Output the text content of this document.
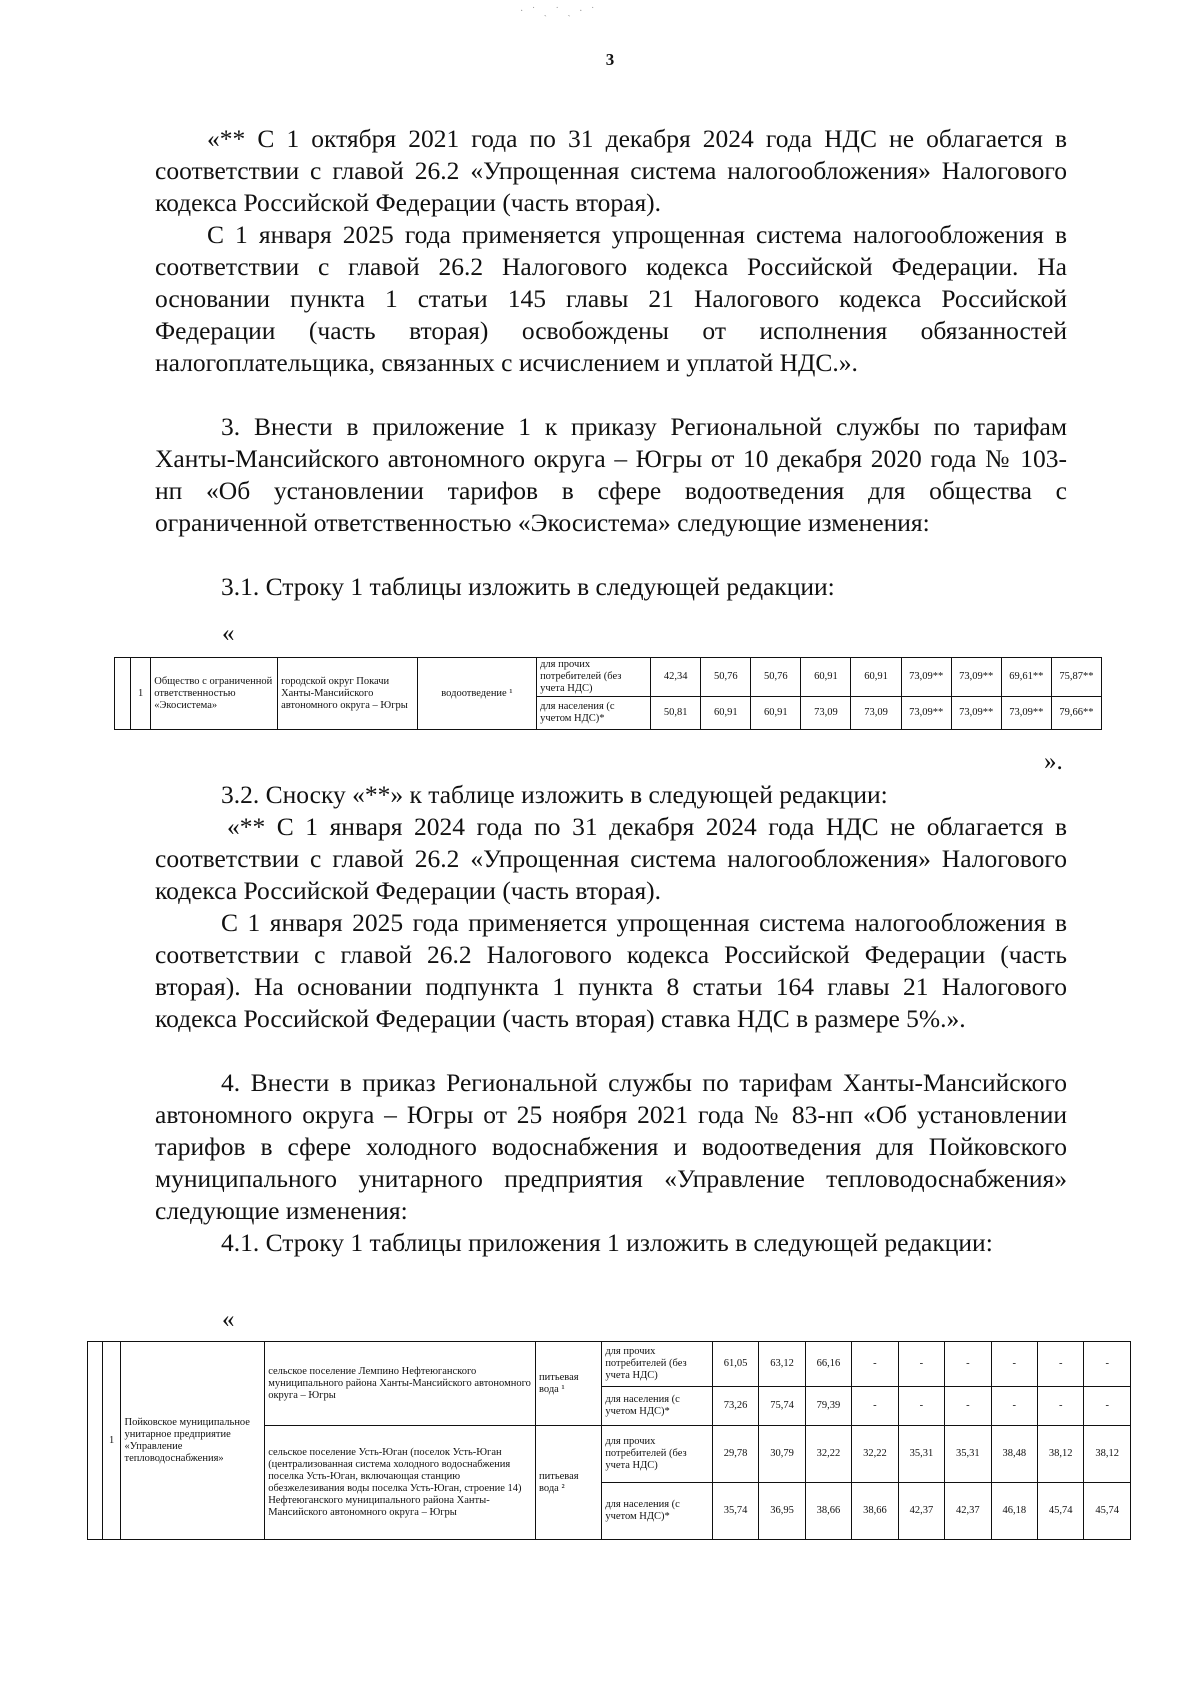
· ˙ ˏ ˙ ˏ · ˙
3

«** С 1 октября 2021 года по 31 декабря 2024 года НДС не облагается в соответствии с главой 26.2 «Упрощенная система налогообложения» Налогового кодекса Российской Федерации (часть вторая).

С 1 января 2025 года применяется упрощенная система налогообложения в соответствии с главой 26.2 Налогового кодекса Российской Федерации. На основании пункта 1 статьи 145 главы 21 Налогового кодекса Российской Федерации (часть вторая) освобождены от исполнения обязанностей налогоплательщика, связанных с исчислением и уплатой НДС.».

3. Внести в приложение 1 к приказу Региональной службы по тарифам Ханты-Мансийского автономного округа – Югры от 10 декабря 2020 года № 103-нп «Об установлении тарифов в сфере водоотведения для общества с ограниченной ответственностью «Экосистема» следующие изменения:

3.1. Строку 1 таблицы изложить в следующей редакции:

«
	1	Общество с ограниченной ответственностью «Экосистема»	городской округ Покачи Ханты-Мансийского автономного округа – Югры	водоотведение ¹	для прочих потребителей (без учета НДС)	42,34	50,76	50,76	60,91	60,91	73,09**	73,09**	69,61**	75,87**
					для населения (с учетом НДС)*	50,81	60,91	60,91	73,09	73,09	73,09**	73,09**	73,09**	79,66**
».

3.2. Сноску «**» к таблице изложить в следующей редакции:

«** С 1 января 2024 года по 31 декабря 2024 года НДС не облагается в соответствии с главой 26.2 «Упрощенная система налогообложения» Налогового кодекса Российской Федерации (часть вторая).

С 1 января 2025 года применяется упрощенная система налогообложения в соответствии с главой 26.2 Налогового кодекса Российской Федерации (часть вторая). На основании подпункта 1 пункта 8 статьи 164 главы 21 Налогового кодекса Российской Федерации (часть вторая) ставка НДС в размере 5%.».

4. Внести в приказ Региональной службы по тарифам Ханты-Мансийского автономного округа – Югры от 25 ноября 2021 года № 83-нп «Об установлении тарифов в сфере холодного водоснабжения и водоотведения для Пойковского муниципального унитарного предприятия «Управление тепловодоснабжения» следующие изменения:

4.1. Строку 1 таблицы приложения 1 изложить в следующей редакции:

«
	1	Пойковское муниципальное унитарное предприятие «Управление тепловодоснабжения»	сельское поселение Лемпино Нефтеюганского муниципального района Ханты-Мансийского автономного округа – Югры	питьевая вода ¹	для прочих потребителей (без учета НДС)	61,05	63,12	66,16	-	-	-	-	-	-
					для населения (с учетом НДС)*	73,26	75,74	79,39	-	-	-	-	-	-
			сельское поселение Усть-Юган (поселок Усть-Юган (централизованная система холодного водоснабжения поселка Усть-Юган, включающая станцию обезжелезивания воды поселка Усть-Юган, строение 14) Нефтеюганского муниципального района Ханты-Мансийского автономного округа – Югры	питьевая вода ²	для прочих потребителей (без учета НДС)	29,78	30,79	32,22	32,22	35,31	35,31	38,48	38,12	38,12
					для населения (с учетом НДС)*	35,74	36,95	38,66	38,66	42,37	42,37	46,18	45,74	45,74
